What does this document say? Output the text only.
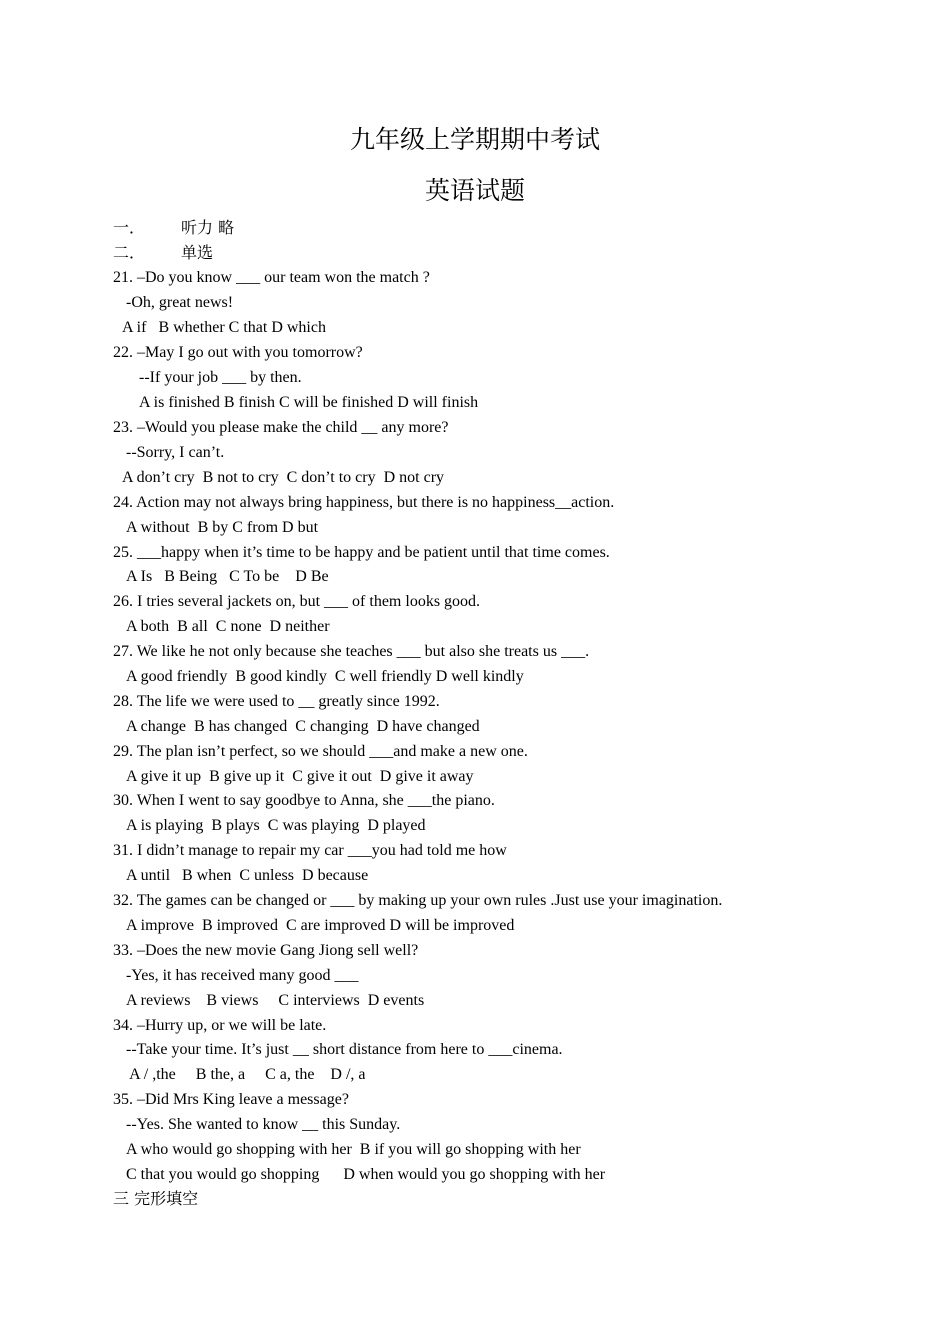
九年级上学期期中考试
英语试题
一． 听力 略
二． 单选
21. –Do you know ___ our team won the match ?
-Oh, great news!
A if   B whether C that D which
22. –May I go out with you tomorrow?
--If your job ___ by then.
A is finished B finish C will be finished D will finish
23. –Would you please make the child __ any more?
--Sorry, I can’t.
A don’t cry  B not to cry  C don’t to cry  D not cry
24. Action may not always bring happiness, but there is no happiness__action.
A without  B by C from D but
25. ___happy when it’s time to be happy and be patient until that time comes.
A Is   B Being   C To be    D Be
26. I tries several jackets on, but ___ of them looks good.
A both  B all  C none  D neither
27. We like he not only because she teaches ___ but also she treats us ___.
A good friendly  B good kindly  C well friendly D well kindly
28. The life we were used to __ greatly since 1992.
A change  B has changed  C changing  D have changed
29. The plan isn’t perfect, so we should ___and make a new one.
A give it up  B give up it  C give it out  D give it away
30. When I went to say goodbye to Anna, she ___the piano.
A is playing  B plays  C was playing  D played
31. I didn’t manage to repair my car ___you had told me how
A until   B when  C unless  D because
32. The games can be changed or ___ by making up your own rules .Just use your imagination.
A improve  B improved  C are improved D will be improved
33. –Does the new movie Gang Jiong sell well?
-Yes, it has received many good ___
A reviews    B views     C interviews  D events
34. –Hurry up, or we will be late.
--Take your time. It’s just __ short distance from here to ___cinema.
A / ,the     B the, a     C a, the    D /, a
35. –Did Mrs King leave a message?
--Yes. She wanted to know __ this Sunday.
A who would go shopping with her  B if you will go shopping with her
C that you would go shopping      D when would you go shopping with her
三 完形填空
